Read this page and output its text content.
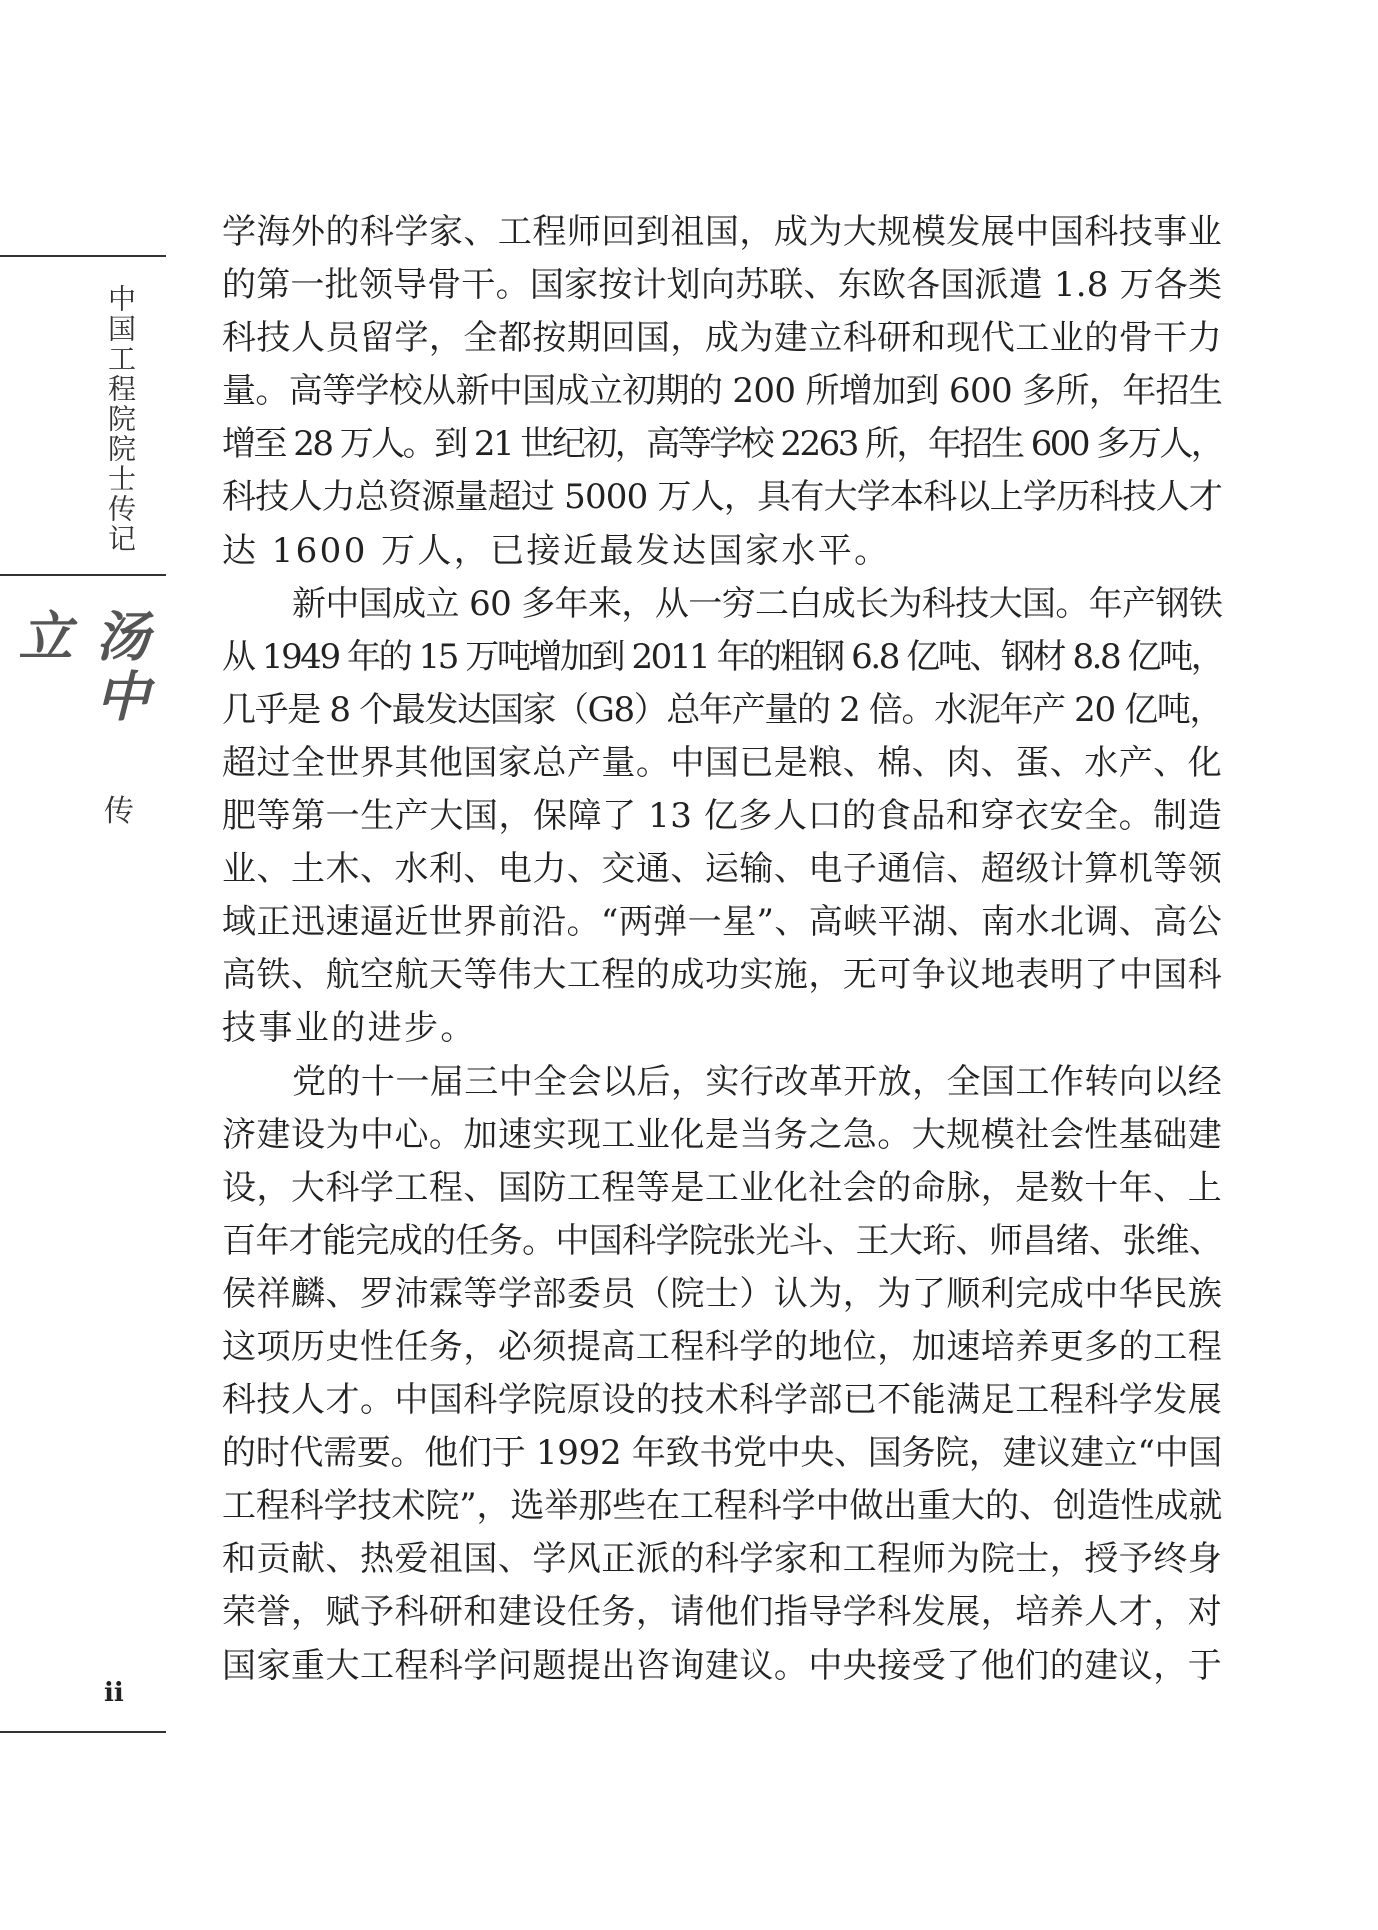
中国工程院院士传记
汤中立
传
ii
学海外的科学家、工程师回到祖国，成为大规模发展中国科技事业
的第一批领导骨干。国家按计划向苏联、东欧各国派遣 1.8 万各类
科技人员留学，全都按期回国，成为建立科研和现代工业的骨干力
量。高等学校从新中国成立初期的 200 所增加到 600 多所，年招生
增至 28 万人。到 21 世纪初，高等学校 2263 所，年招生 600 多万人，
科技人力总资源量超过 5000 万人，具有大学本科以上学历科技人才
达 1600 万人，已接近最发达国家水平。
新中国成立 60 多年来，从一穷二白成长为科技大国。年产钢铁
从 1949 年的 15 万吨增加到 2011 年的粗钢 6.8 亿吨、钢材 8.8 亿吨，
几乎是 8 个最发达国家（G8）总年产量的 2 倍。水泥年产 20 亿吨，
超过全世界其他国家总产量。中国已是粮、棉、肉、蛋、水产、化
肥等第一生产大国，保障了 13 亿多人口的食品和穿衣安全。制造
业、土木、水利、电力、交通、运输、电子通信、超级计算机等领
域正迅速逼近世界前沿。“两弹一星”、高峡平湖、南水北调、高公
高铁、航空航天等伟大工程的成功实施，无可争议地表明了中国科
技事业的进步。
党的十一届三中全会以后，实行改革开放，全国工作转向以经
济建设为中心。加速实现工业化是当务之急。大规模社会性基础建
设，大科学工程、国防工程等是工业化社会的命脉，是数十年、上
百年才能完成的任务。中国科学院张光斗、王大珩、师昌绪、张维、
侯祥麟、罗沛霖等学部委员（院士）认为，为了顺利完成中华民族
这项历史性任务，必须提高工程科学的地位，加速培养更多的工程
科技人才。中国科学院原设的技术科学部已不能满足工程科学发展
的时代需要。他们于 1992 年致书党中央、国务院，建议建立“中国
工程科学技术院”，选举那些在工程科学中做出重大的、创造性成就
和贡献、热爱祖国、学风正派的科学家和工程师为院士，授予终身
荣誉，赋予科研和建设任务，请他们指导学科发展，培养人才，对
国家重大工程科学问题提出咨询建议。中央接受了他们的建议，于
